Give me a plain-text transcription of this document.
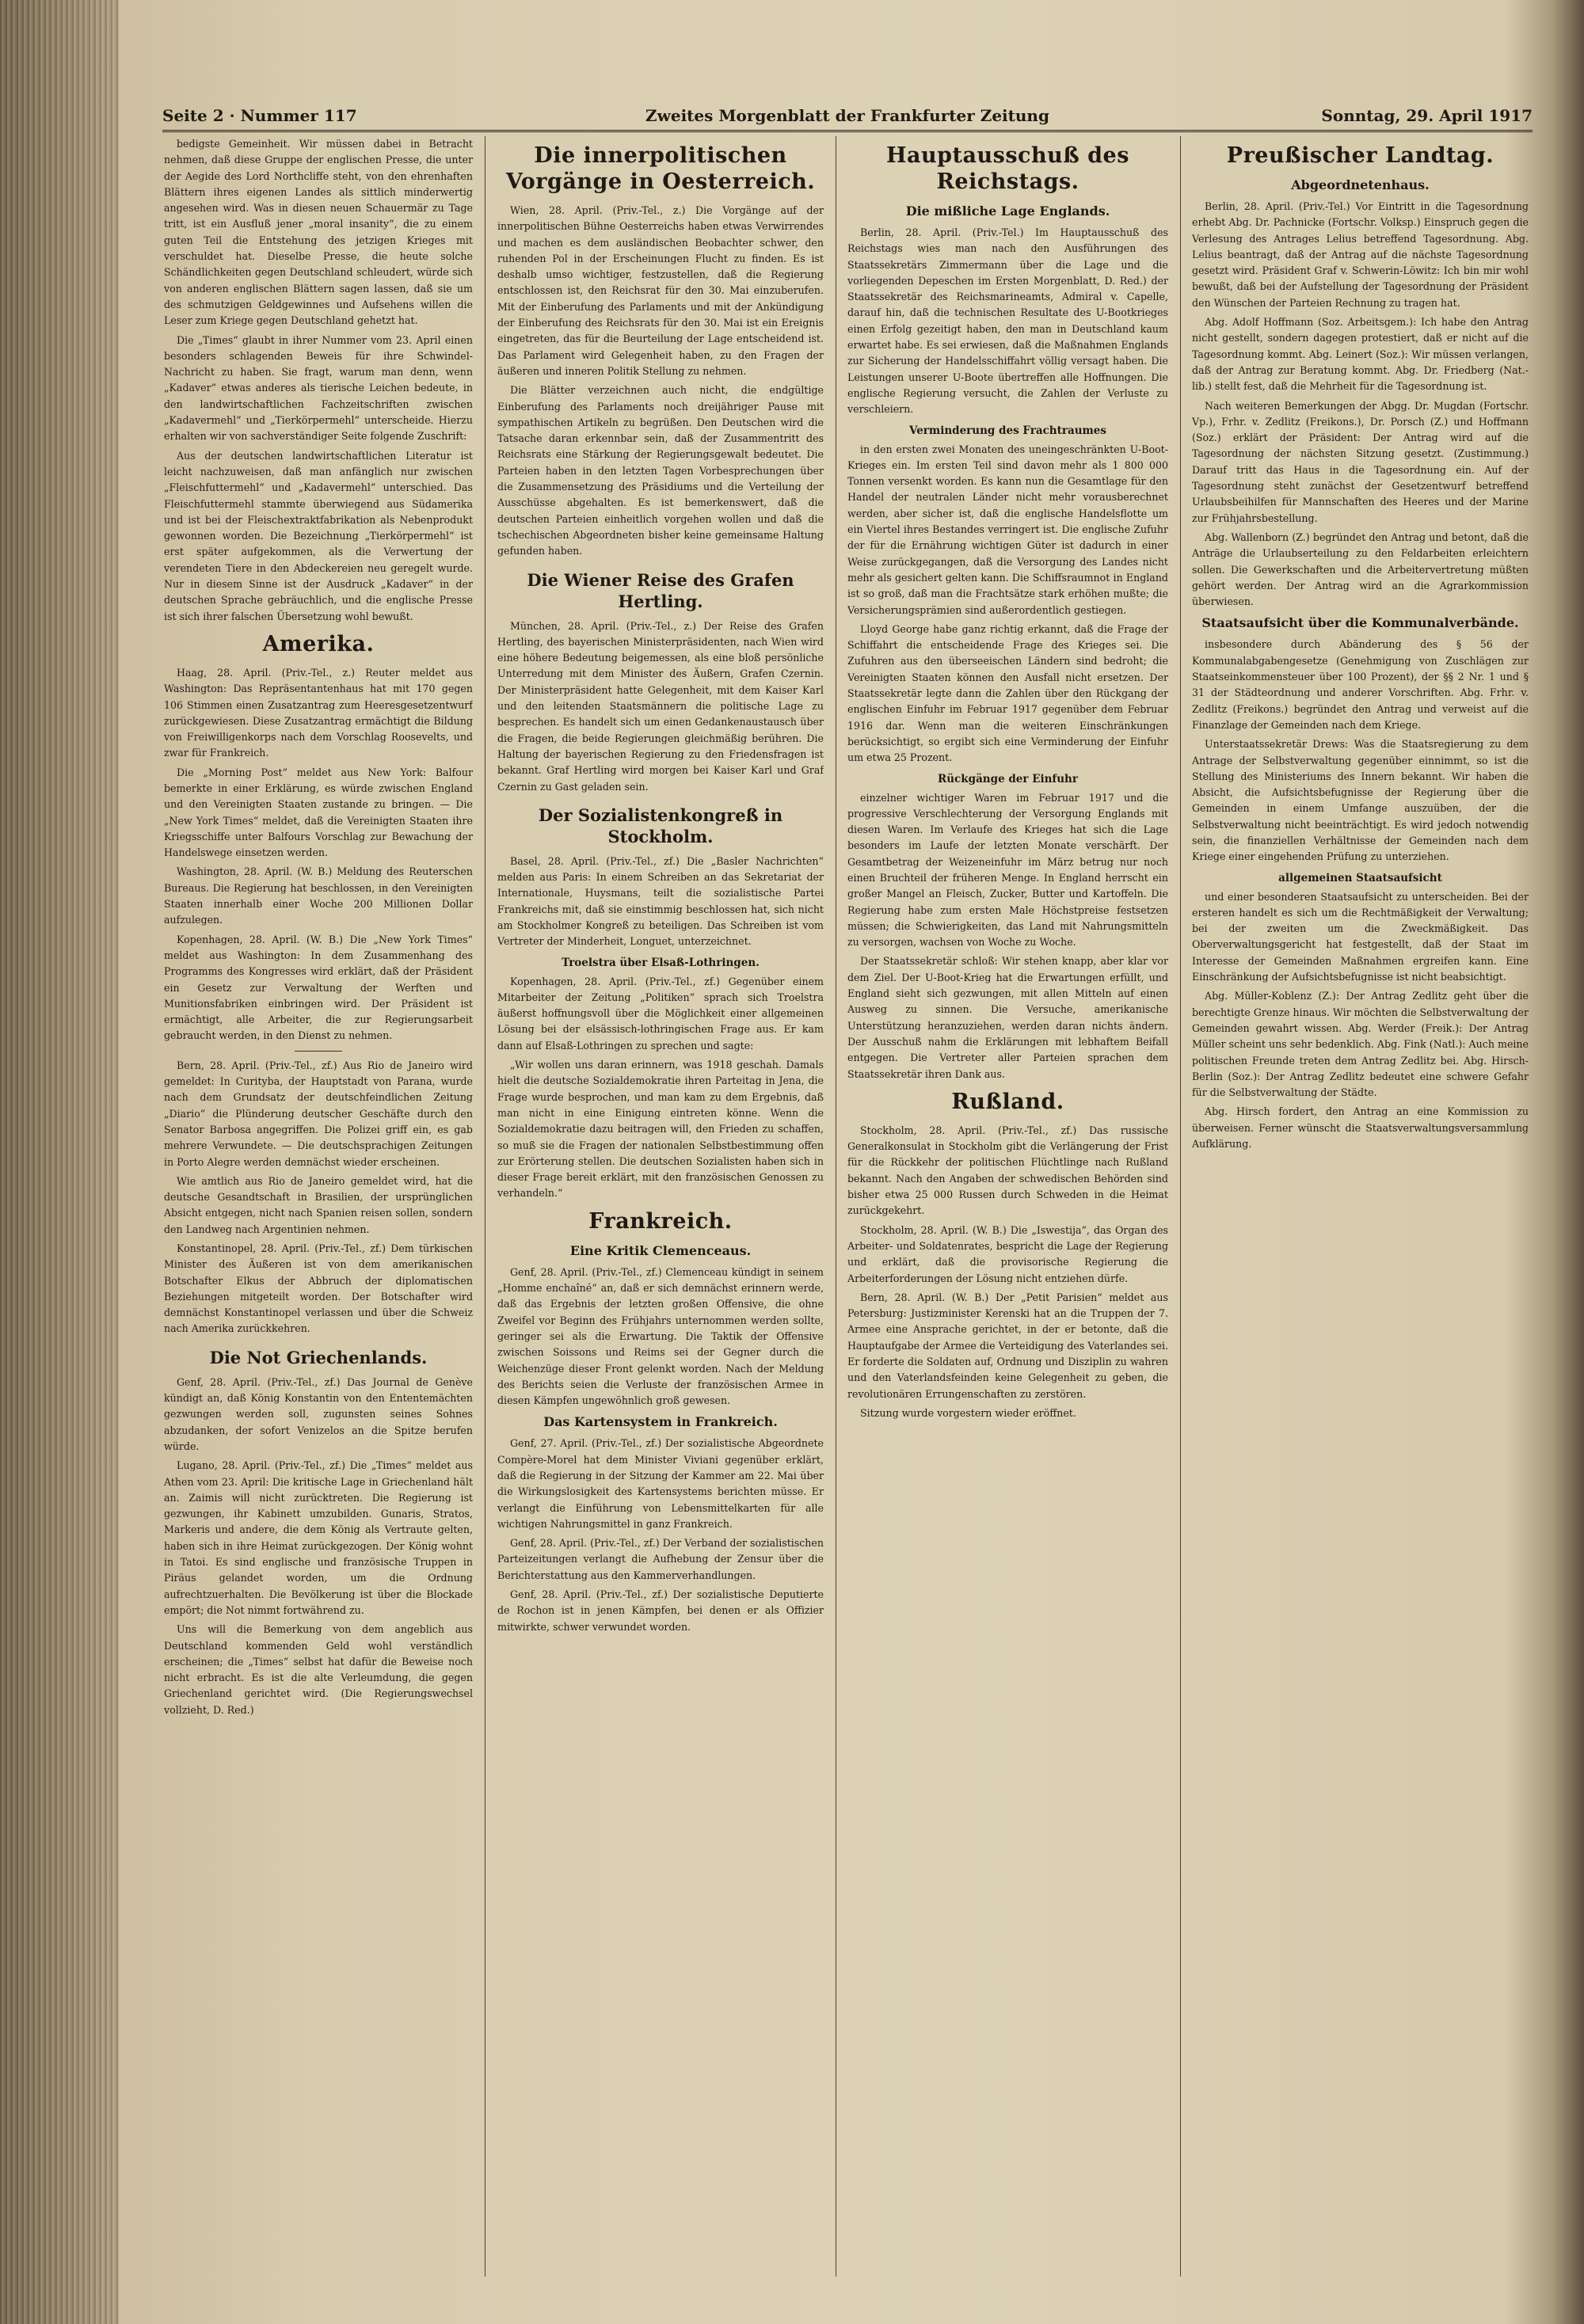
Seite 2 · Nummer 117	Zweites Morgenblatt der Frankfurter Zeitung	Sonntag, 29. April 1917

bedigste Gemeinheit. Wir müssen dabei in Betracht nehmen, daß diese Gruppe der englischen Presse, die unter der Aegide des Lord Northcliffe steht, von den ehrenhaften Blättern ihres eigenen Landes als sittlich minderwertig angesehen wird. Was in diesen neuen Schauermär zu Tage tritt, ist ein Ausfluß jener „moral insanity“, die zu einem guten Teil die Entstehung des jetzigen Krieges mit verschuldet hat. Dieselbe Presse, die heute solche Schändlichkeiten gegen Deutschland schleudert, würde sich von anderen englischen Blättern sagen lassen, daß sie um des schmutzigen Geldgewinnes und Aufsehens willen die Leser zum Kriege gegen Deutschland gehetzt hat.

Die „Times“ glaubt in ihrer Nummer vom 23. April einen besonders schlagenden Beweis für ihre Schwindel-Nachricht zu haben. Sie fragt, warum man denn, wenn „Kadaver“ etwas anderes als tierische Leichen bedeute, in den landwirtschaftlichen Fachzeitschriften zwischen „Kadavermehl“ und „Tierkörpermehl“ unterscheide. Hierzu erhalten wir von sachverständiger Seite folgende Zuschrift:

Aus der deutschen landwirtschaftlichen Literatur ist leicht nachzuweisen, daß man anfänglich nur zwischen „Fleischfuttermehl“ und „Kadavermehl“ unterschied. Das Fleischfuttermehl stammte überwiegend aus Südamerika und ist bei der Fleischextraktfabrikation als Nebenprodukt gewonnen worden. Die Bezeichnung „Tierkörpermehl“ ist erst später aufgekommen, als die Verwertung der verendeten Tiere in den Abdeckereien neu geregelt wurde. Nur in diesem Sinne ist der Ausdruck „Kadaver“ in der deutschen Sprache gebräuchlich, und die englische Presse ist sich ihrer falschen Übersetzung wohl bewußt.

Amerika.

Haag, 28. April. (Priv.-Tel., z.) Reuter meldet aus Washington: Das Repräsentantenhaus hat mit 170 gegen 106 Stimmen einen Zusatzantrag zum Heeresgesetzentwurf zurückgewiesen. Diese Zusatzantrag ermächtigt die Bildung von Freiwilligenkorps nach dem Vorschlag Roosevelts, und zwar für Frankreich.

Die „Morning Post“ meldet aus New York: Balfour bemerkte in einer Erklärung, es würde zwischen England und den Vereinigten Staaten zustande zu bringen. — Die „New York Times“ meldet, daß die Vereinigten Staaten ihre Kriegsschiffe unter Balfours Vorschlag zur Bewachung der Handelswege einsetzen werden.

Washington, 28. April. (W. B.) Meldung des Reuterschen Bureaus. Die Regierung hat beschlossen, in den Vereinigten Staaten innerhalb einer Woche 200 Millionen Dollar aufzulegen.

Kopenhagen, 28. April. (W. B.) Die „New York Times“ meldet aus Washington: In dem Zusammenhang des Programms des Kongresses wird erklärt, daß der Präsident ein Gesetz zur Verwaltung der Werften und Munitionsfabriken einbringen wird. Der Präsident ist ermächtigt, alle Arbeiter, die zur Regierungsarbeit gebraucht werden, in den Dienst zu nehmen.

Bern, 28. April. (Priv.-Tel., zf.) Aus Rio de Janeiro wird gemeldet: In Curityba, der Hauptstadt von Parana, wurde nach dem Grundsatz der deutschfeindlichen Zeitung „Diario“ die Plünderung deutscher Geschäfte durch den Senator Barbosa angegriffen. Die Polizei griff ein, es gab mehrere Verwundete. — Die deutschsprachigen Zeitungen in Porto Alegre werden demnächst wieder erscheinen.

Wie amtlich aus Rio de Janeiro gemeldet wird, hat die deutsche Gesandtschaft in Brasilien, der ursprünglichen Absicht entgegen, nicht nach Spanien reisen sollen, sondern den Landweg nach Argentinien nehmen.

Konstantinopel, 28. April. (Priv.-Tel., zf.) Dem türkischen Minister des Äußeren ist von dem amerikanischen Botschafter Elkus der Abbruch der diplomatischen Beziehungen mitgeteilt worden. Der Botschafter wird demnächst Konstantinopel verlassen und über die Schweiz nach Amerika zurückkehren.

Die Not Griechenlands.

Genf, 28. April. (Priv.-Tel., zf.) Das Journal de Genève kündigt an, daß König Konstantin von den Ententemächten gezwungen werden soll, zugunsten seines Sohnes abzudanken, der sofort Venizelos an die Spitze berufen würde.

Lugano, 28. April. (Priv.-Tel., zf.) Die „Times“ meldet aus Athen vom 23. April: Die kritische Lage in Griechenland hält an. Zaimis will nicht zurücktreten. Die Regierung ist gezwungen, ihr Kabinett umzubilden. Gunaris, Stratos, Markeris und andere, die dem König als Vertraute gelten, haben sich in ihre Heimat zurückgezogen. Der König wohnt in Tatoi. Es sind englische und französische Truppen in Piräus gelandet worden, um die Ordnung aufrechtzuerhalten. Die Bevölkerung ist über die Blockade empört; die Not nimmt fortwährend zu.

Uns will die Bemerkung von dem angeblich aus Deutschland kommenden Geld wohl verständlich erscheinen; die „Times“ selbst hat dafür die Beweise noch nicht erbracht. Es ist die alte Verleumdung, die gegen Griechenland gerichtet wird. (Die Regierungswechsel vollzieht, D. Red.)

Die innerpolitischen Vorgänge in Oesterreich.

Wien, 28. April. (Priv.-Tel., z.) Die Vorgänge auf der innerpolitischen Bühne Oesterreichs haben etwas Verwirrendes und machen es dem ausländischen Beobachter schwer, den ruhenden Pol in der Erscheinungen Flucht zu finden. Es ist deshalb umso wichtiger, festzustellen, daß die Regierung entschlossen ist, den Reichsrat für den 30. Mai einzuberufen. Mit der Einberufung des Parlaments und mit der Ankündigung der Einberufung des Reichsrats für den 30. Mai ist ein Ereignis eingetreten, das für die Beurteilung der Lage entscheidend ist. Das Parlament wird Gelegenheit haben, zu den Fragen der äußeren und inneren Politik Stellung zu nehmen.

Die Blätter verzeichnen auch nicht, die endgültige Einberufung des Parlaments noch dreijähriger Pause mit sympathischen Artikeln zu begrüßen. Den Deutschen wird die Tatsache daran erkennbar sein, daß der Zusammentritt des Reichsrats eine Stärkung der Regierungsgewalt bedeutet. Die Parteien haben in den letzten Tagen Vorbesprechungen über die Zusammensetzung des Präsidiums und die Verteilung der Ausschüsse abgehalten. Es ist bemerkenswert, daß die deutschen Parteien einheitlich vorgehen wollen und daß die tschechischen Abgeordneten bisher keine gemeinsame Haltung gefunden haben.

Die Wiener Reise des Grafen Hertling.

München, 28. April. (Priv.-Tel., z.) Der Reise des Grafen Hertling, des bayerischen Ministerpräsidenten, nach Wien wird eine höhere Bedeutung beigemessen, als eine bloß persönliche Unterredung mit dem Minister des Äußern, Grafen Czernin. Der Ministerpräsident hatte Gelegenheit, mit dem Kaiser Karl und den leitenden Staatsmännern die politische Lage zu besprechen. Es handelt sich um einen Gedankenaustausch über die Fragen, die beide Regierungen gleichmäßig berühren. Die Haltung der bayerischen Regierung zu den Friedensfragen ist bekannt. Graf Hertling wird morgen bei Kaiser Karl und Graf Czernin zu Gast geladen sein.

Der Sozialistenkongreß in Stockholm.

Basel, 28. April. (Priv.-Tel., zf.) Die „Basler Nachrichten“ melden aus Paris: In einem Schreiben an das Sekretariat der Internationale, Huysmans, teilt die sozialistische Partei Frankreichs mit, daß sie einstimmig beschlossen hat, sich nicht am Stockholmer Kongreß zu beteiligen. Das Schreiben ist vom Vertreter der Minderheit, Longuet, unterzeichnet.

Troelstra über Elsaß-Lothringen.

Kopenhagen, 28. April. (Priv.-Tel., zf.) Gegenüber einem Mitarbeiter der Zeitung „Politiken“ sprach sich Troelstra äußerst hoffnungsvoll über die Möglichkeit einer allgemeinen Lösung bei der elsässisch-lothringischen Frage aus. Er kam dann auf Elsaß-Lothringen zu sprechen und sagte:

„Wir wollen uns daran erinnern, was 1918 geschah. Damals hielt die deutsche Sozialdemokratie ihren Parteitag in Jena, die Frage wurde besprochen, und man kam zu dem Ergebnis, daß man nicht in eine Einigung eintreten könne. Wenn die Sozialdemokratie dazu beitragen will, den Frieden zu schaffen, so muß sie die Fragen der nationalen Selbstbestimmung offen zur Erörterung stellen. Die deutschen Sozialisten haben sich in dieser Frage bereit erklärt, mit den französischen Genossen zu verhandeln.“

Frankreich.
Eine Kritik Clemenceaus.

Genf, 28. April. (Priv.-Tel., zf.) Clemenceau kündigt in seinem „Homme enchaîné“ an, daß er sich demnächst erinnern werde, daß das Ergebnis der letzten großen Offensive, die ohne Zweifel vor Beginn des Frühjahrs unternommen werden sollte, geringer sei als die Erwartung. Die Taktik der Offensive zwischen Soissons und Reims sei der Gegner durch die Weichenzüge dieser Front gelenkt worden. Nach der Meldung des Berichts seien die Verluste der französischen Armee in diesen Kämpfen ungewöhnlich groß gewesen.

Das Kartensystem in Frankreich.

Genf, 27. April. (Priv.-Tel., zf.) Der sozialistische Abgeordnete Compère-Morel hat dem Minister Viviani gegenüber erklärt, daß die Regierung in der Sitzung der Kammer am 22. Mai über die Wirkungslosigkeit des Kartensystems berichten müsse. Er verlangt die Einführung von Lebensmittelkarten für alle wichtigen Nahrungsmittel in ganz Frankreich.

Genf, 28. April. (Priv.-Tel., zf.) Der Verband der sozialistischen Parteizeitungen verlangt die Aufhebung der Zensur über die Berichterstattung aus den Kammerverhandlungen.

Genf, 28. April. (Priv.-Tel., zf.) Der sozialistische Deputierte de Rochon ist in jenen Kämpfen, bei denen er als Offizier mitwirkte, schwer verwundet worden.

Hauptausschuß des Reichstags.
Die mißliche Lage Englands.

Berlin, 28. April. (Priv.-Tel.) Im Hauptausschuß des Reichstags wies man nach den Ausführungen des Staatssekretärs Zimmermann über die Lage und die vorliegenden Depeschen im Ersten Morgenblatt, D. Red.) der Staatssekretär des Reichsmarineamts, Admiral v. Capelle, darauf hin, daß die technischen Resultate des U-Bootkrieges einen Erfolg gezeitigt haben, den man in Deutschland kaum erwartet habe. Es sei erwiesen, daß die Maßnahmen Englands zur Sicherung der Handelsschiffahrt völlig versagt haben. Die Leistungen unserer U-Boote übertreffen alle Hoffnungen. Die englische Regierung versucht, die Zahlen der Verluste zu verschleiern.

Verminderung des Frachtraumes

in den ersten zwei Monaten des uneingeschränkten U-Boot-Krieges ein. Im ersten Teil sind davon mehr als 1 800 000 Tonnen versenkt worden. Es kann nun die Gesamtlage für den Handel der neutralen Länder nicht mehr vorausberechnet werden, aber sicher ist, daß die englische Handelsflotte um ein Viertel ihres Bestandes verringert ist. Die englische Zufuhr der für die Ernährung wichtigen Güter ist dadurch in einer Weise zurückgegangen, daß die Versorgung des Landes nicht mehr als gesichert gelten kann. Die Schiffsraumnot in England ist so groß, daß man die Frachtsätze stark erhöhen mußte; die Versicherungsprämien sind außerordentlich gestiegen.

Lloyd George habe ganz richtig erkannt, daß die Frage der Schiffahrt die entscheidende Frage des Krieges sei. Die Zufuhren aus den überseeischen Ländern sind bedroht; die Vereinigten Staaten können den Ausfall nicht ersetzen. Der Staatssekretär legte dann die Zahlen über den Rückgang der englischen Einfuhr im Februar 1917 gegenüber dem Februar 1916 dar. Wenn man die weiteren Einschränkungen berücksichtigt, so ergibt sich eine Verminderung der Einfuhr um etwa 25 Prozent.

Rückgänge der Einfuhr

einzelner wichtiger Waren im Februar 1917 und die progressive Verschlechterung der Versorgung Englands mit diesen Waren. Im Verlaufe des Krieges hat sich die Lage besonders im Laufe der letzten Monate verschärft. Der Gesamtbetrag der Weizeneinfuhr im März betrug nur noch einen Bruchteil der früheren Menge. In England herrscht ein großer Mangel an Fleisch, Zucker, Butter und Kartoffeln. Die Regierung habe zum ersten Male Höchstpreise festsetzen müssen; die Schwierigkeiten, das Land mit Nahrungsmitteln zu versorgen, wachsen von Woche zu Woche.

Der Staatssekretär schloß: Wir stehen knapp, aber klar vor dem Ziel. Der U-Boot-Krieg hat die Erwartungen erfüllt, und England sieht sich gezwungen, mit allen Mitteln auf einen Ausweg zu sinnen. Die Versuche, amerikanische Unterstützung heranzuziehen, werden daran nichts ändern. Der Ausschuß nahm die Erklärungen mit lebhaftem Beifall entgegen. Die Vertreter aller Parteien sprachen dem Staatssekretär ihren Dank aus.

Rußland.

Stockholm, 28. April. (Priv.-Tel., zf.) Das russische Generalkonsulat in Stockholm gibt die Verlängerung der Frist für die Rückkehr der politischen Flüchtlinge nach Rußland bekannt. Nach den Angaben der schwedischen Behörden sind bisher etwa 25 000 Russen durch Schweden in die Heimat zurückgekehrt.

Stockholm, 28. April. (W. B.) Die „Iswestija“, das Organ des Arbeiter- und Soldatenrates, bespricht die Lage der Regierung und erklärt, daß die provisorische Regierung die Arbeiterforderungen der Lösung nicht entziehen dürfe.

Bern, 28. April. (W. B.) Der „Petit Parisien“ meldet aus Petersburg: Justizminister Kerenski hat an die Truppen der 7. Armee eine Ansprache gerichtet, in der er betonte, daß die Hauptaufgabe der Armee die Verteidigung des Vaterlandes sei. Er forderte die Soldaten auf, Ordnung und Disziplin zu wahren und den Vaterlandsfeinden keine Gelegenheit zu geben, die revolutionären Errungenschaften zu zerstören.

Sitzung wurde vorgestern wieder eröffnet.

Preußischer Landtag.
Abgeordnetenhaus.

Berlin, 28. April. (Priv.-Tel.) Vor Eintritt in die Tagesordnung erhebt Abg. Dr. Pachnicke (Fortschr. Volksp.) Einspruch gegen die Verlesung des Antrages Lelius betreffend Tagesordnung. Abg. Lelius beantragt, daß der Antrag auf die nächste Tagesordnung gesetzt wird. Präsident Graf v. Schwerin-Löwitz: Ich bin mir wohl bewußt, daß bei der Aufstellung der Tagesordnung der Präsident den Wünschen der Parteien Rechnung zu tragen hat.

Abg. Adolf Hoffmann (Soz. Arbeitsgem.): Ich habe den Antrag nicht gestellt, sondern dagegen protestiert, daß er nicht auf die Tagesordnung kommt. Abg. Leinert (Soz.): Wir müssen verlangen, daß der Antrag zur Beratung kommt. Abg. Dr. Friedberg (Nat.-lib.) stellt fest, daß die Mehrheit für die Tagesordnung ist.

Nach weiteren Bemerkungen der Abgg. Dr. Mugdan (Fortschr. Vp.), Frhr. v. Zedlitz (Freikons.), Dr. Porsch (Z.) und Hoffmann (Soz.) erklärt der Präsident: Der Antrag wird auf die Tagesordnung der nächsten Sitzung gesetzt. (Zustimmung.) Darauf tritt das Haus in die Tagesordnung ein. Auf der Tagesordnung steht zunächst der Gesetzentwurf betreffend Urlaubsbeihilfen für Mannschaften des Heeres und der Marine zur Frühjahrsbestellung.

Abg. Wallenborn (Z.) begründet den Antrag und betont, daß die Anträge die Urlaubserteilung zu den Feldarbeiten erleichtern sollen. Die Gewerkschaften und die Arbeitervertretung müßten gehört werden. Der Antrag wird an die Agrarkommission überwiesen.

Staatsaufsicht über die Kommunalverbände.

insbesondere durch Abänderung des § 56 der Kommunalabgabengesetze (Genehmigung von Zuschlägen zur Staatseinkommensteuer über 100 Prozent), der §§ 2 Nr. 1 und § 31 der Städteordnung und anderer Vorschriften. Abg. Frhr. v. Zedlitz (Freikons.) begründet den Antrag und verweist auf die Finanzlage der Gemeinden nach dem Kriege.

Unterstaatssekretär Drews: Was die Staatsregierung zu dem Antrage der Selbstverwaltung gegenüber einnimmt, so ist die Stellung des Ministeriums des Innern bekannt. Wir haben die Absicht, die Aufsichtsbefugnisse der Regierung über die Gemeinden in einem Umfange auszuüben, der die Selbstverwaltung nicht beeinträchtigt. Es wird jedoch notwendig sein, die finanziellen Verhältnisse der Gemeinden nach dem Kriege einer eingehenden Prüfung zu unterziehen.

allgemeinen Staatsaufsicht

und einer besonderen Staatsaufsicht zu unterscheiden. Bei der ersteren handelt es sich um die Rechtmäßigkeit der Verwaltung; bei der zweiten um die Zweckmäßigkeit. Das Oberverwaltungsgericht hat festgestellt, daß der Staat im Interesse der Gemeinden Maßnahmen ergreifen kann. Eine Einschränkung der Aufsichtsbefugnisse ist nicht beabsichtigt.

Abg. Müller-Koblenz (Z.): Der Antrag Zedlitz geht über die berechtigte Grenze hinaus. Wir möchten die Selbstverwaltung der Gemeinden gewahrt wissen. Abg. Werder (Freik.): Der Antrag Müller scheint uns sehr bedenklich. Abg. Fink (Natl.): Auch meine politischen Freunde treten dem Antrag Zedlitz bei. Abg. Hirsch-Berlin (Soz.): Der Antrag Zedlitz bedeutet eine schwere Gefahr für die Selbstverwaltung der Städte.

Abg. Hirsch fordert, den Antrag an eine Kommission zu überweisen. Ferner wünscht die Staatsverwaltungsversammlung Aufklärung.
